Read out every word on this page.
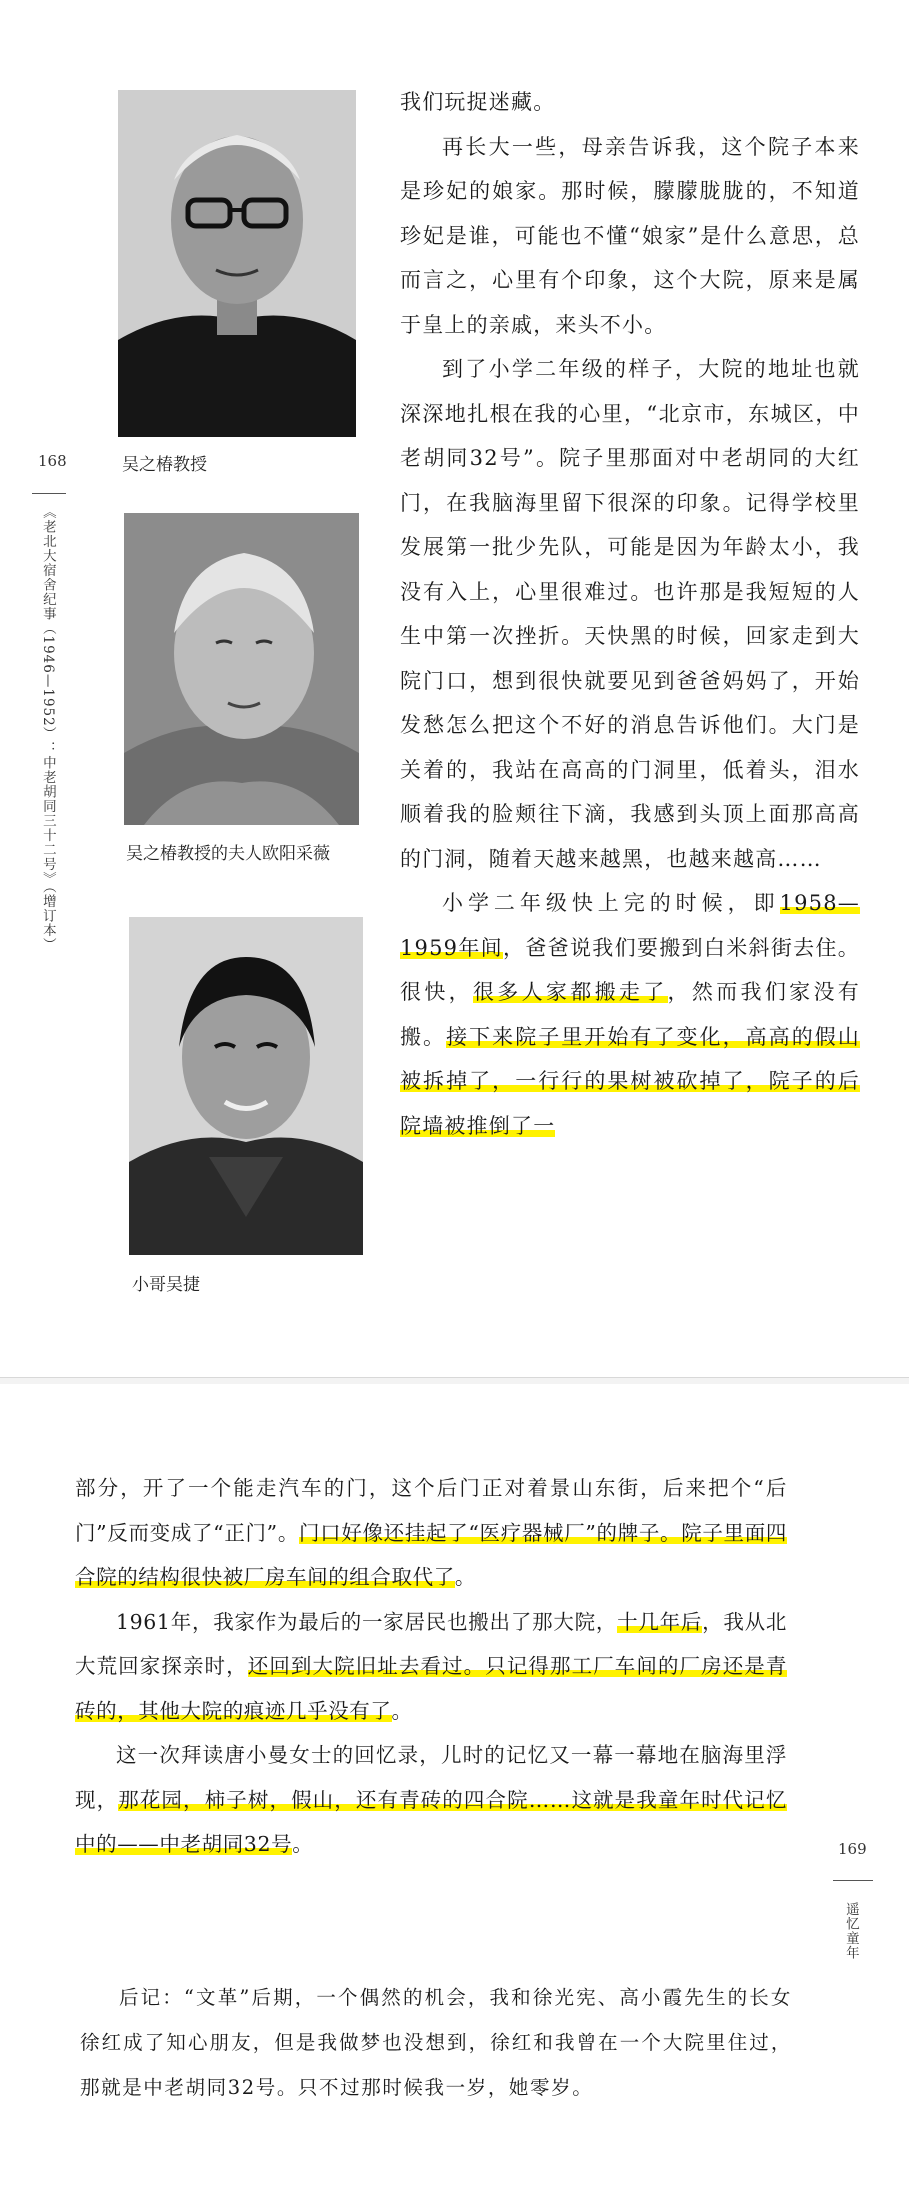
吴之椿教授
吴之椿教授的夫人欧阳采薇
小哥吴捷
168
《老北大宿舍纪事（1946—1952）：中老胡同三十二号》（增订本）

我们玩捉迷藏。

再长大一些，母亲告诉我，这个院子本来是珍妃的娘家。那时候，朦朦胧胧的，不知道珍妃是谁，可能也不懂“娘家”是什么意思，总而言之，心里有个印象，这个大院，原来是属于皇上的亲戚，来头不小。

到了小学二年级的样子，大院的地址也就深深地扎根在我的心里，“北京市，东城区，中老胡同32号”。院子里那面对中老胡同的大红门，在我脑海里留下很深的印象。记得学校里发展第一批少先队，可能是因为年龄太小，我没有入上，心里很难过。也许那是我短短的人生中第一次挫折。天快黑的时候，回家走到大院门口，想到很快就要见到爸爸妈妈了，开始发愁怎么把这个不好的消息告诉他们。大门是关着的，我站在高高的门洞里，低着头，泪水顺着我的脸颊往下滴，我感到头顶上面那高高的门洞，随着天越来越黑，也越来越高……

小学二年级快上完的时候，即1958—1959年间，爸爸说我们要搬到白米斜街去住。很快，很多人家都搬走了，然而我们家没有搬。接下来院子里开始有了变化，高高的假山被拆掉了，一行行的果树被砍掉了，院子的后院墙被推倒了一

169
遥忆童年

部分，开了一个能走汽车的门，这个后门正对着景山东街，后来把个“后门”反而变成了“正门”。门口好像还挂起了“医疗器械厂”的牌子。院子里面四合院的结构很快被厂房车间的组合取代了。

1961年，我家作为最后的一家居民也搬出了那大院，十几年后，我从北大荒回家探亲时，还回到大院旧址去看过。只记得那工厂车间的厂房还是青砖的，其他大院的痕迹几乎没有了。

这一次拜读唐小曼女士的回忆录，儿时的记忆又一幕一幕地在脑海里浮现，那花园，柿子树，假山，还有青砖的四合院……这就是我童年时代记忆中的——中老胡同32号。

后记：“文革”后期，一个偶然的机会，我和徐光宪、高小霞先生的长女徐红成了知心朋友，但是我做梦也没想到，徐红和我曾在一个大院里住过，那就是中老胡同32号。只不过那时候我一岁，她零岁。
